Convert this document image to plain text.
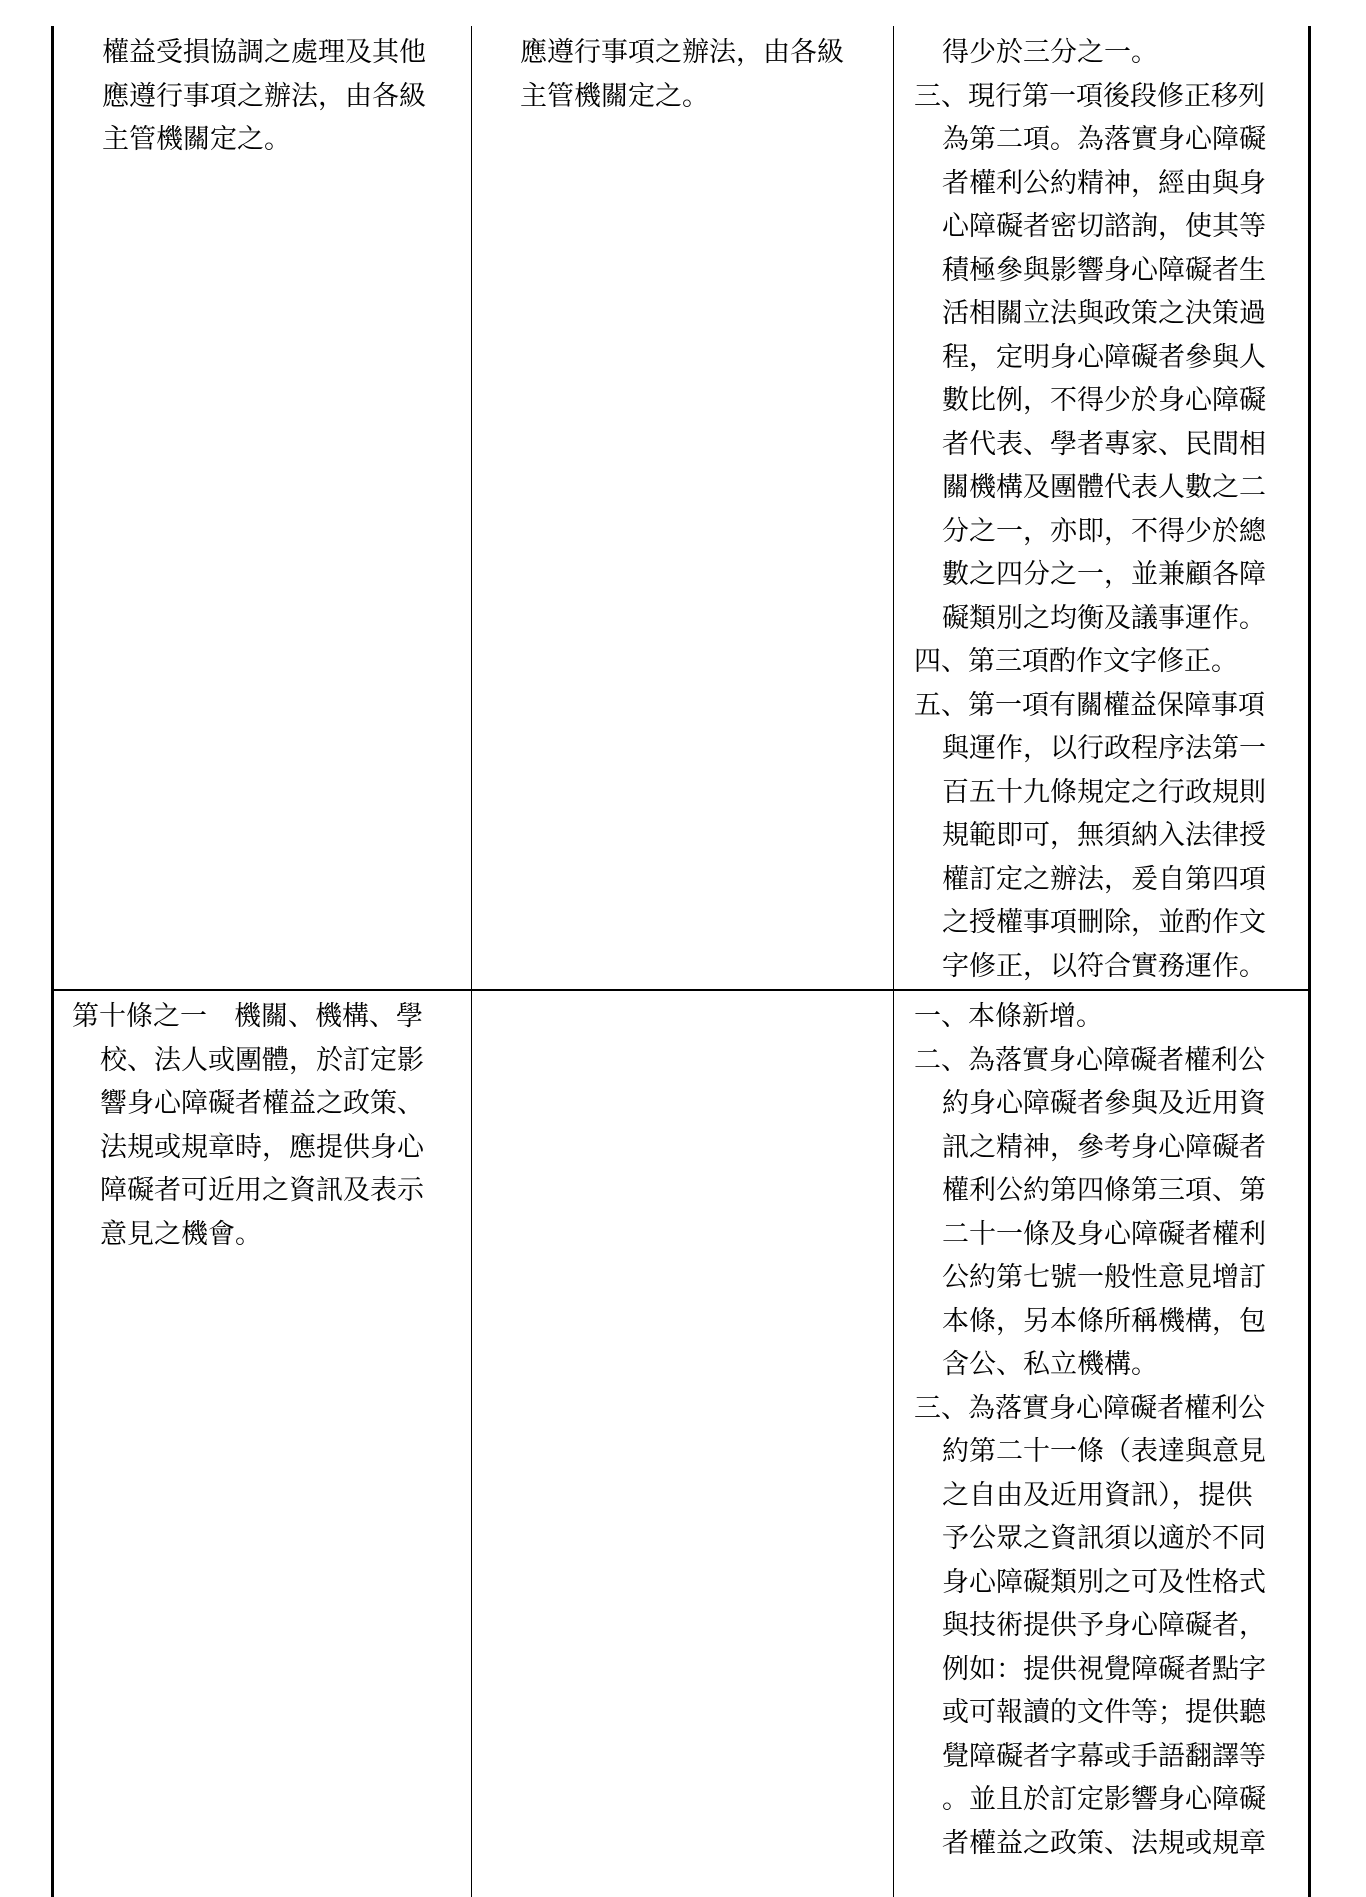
權益受損協調之處理及其他
應遵行事項之辦法，由各級
主管機關定之。
應遵行事項之辦法，由各級
主管機關定之。
得少於三分之一。
三、現行第一項後段修正移列
為第二項。為落實身心障礙
者權利公約精神，經由與身
心障礙者密切諮詢，使其等
積極參與影響身心障礙者生
活相關立法與政策之決策過
程，定明身心障礙者參與人
數比例，不得少於身心障礙
者代表、學者專家、民間相
關機構及團體代表人數之二
分之一，亦即，不得少於總
數之四分之一，並兼顧各障
礙類別之均衡及議事運作。
四、第三項酌作文字修正。
五、第一項有關權益保障事項
與運作，以行政程序法第一
百五十九條規定之行政規則
規範即可，無須納入法律授
權訂定之辦法，爰自第四項
之授權事項刪除，並酌作文
字修正，以符合實務運作。
第十條之一　機關、機構、學
校、法人或團體，於訂定影
響身心障礙者權益之政策、
法規或規章時，應提供身心
障礙者可近用之資訊及表示
意見之機會。
一、本條新增。
二、為落實身心障礙者權利公
約身心障礙者參與及近用資
訊之精神，參考身心障礙者
權利公約第四條第三項、第
二十一條及身心障礙者權利
公約第七號一般性意見增訂
本條，另本條所稱機構，包
含公、私立機構。
三、為落實身心障礙者權利公
約第二十一條（表達與意見
之自由及近用資訊），提供
予公眾之資訊須以適於不同
身心障礙類別之可及性格式
與技術提供予身心障礙者，
例如：提供視覺障礙者點字
或可報讀的文件等；提供聽
覺障礙者字幕或手語翻譯等
。並且於訂定影響身心障礙
者權益之政策、法規或規章
